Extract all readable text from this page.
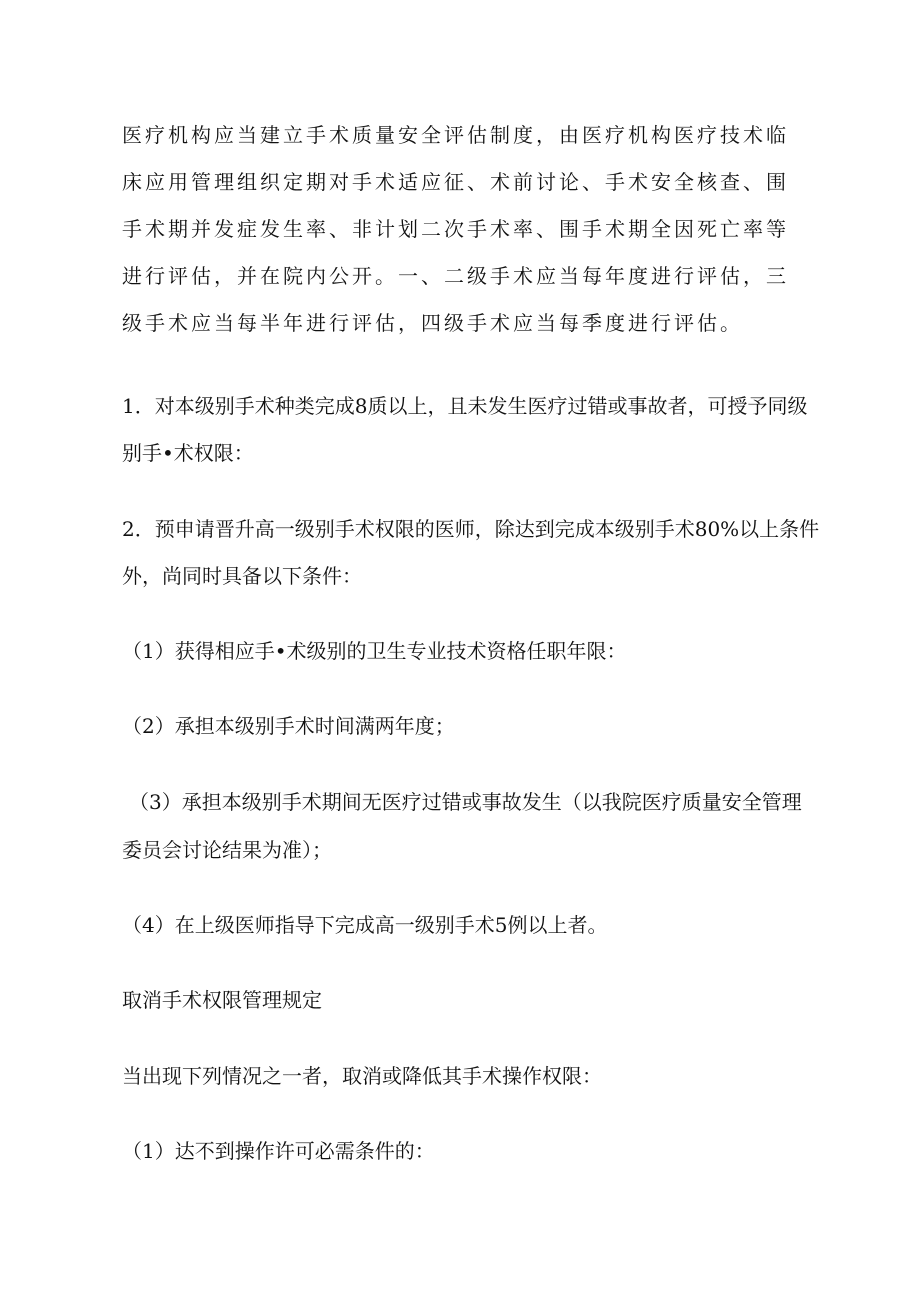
医疗机构应当建立手术质量安全评估制度，由医疗机构医疗技术临
床应用管理组织定期对手术适应征、术前讨论、手术安全核查、围
手术期并发症发生率、非计划二次手术率、围手术期全因死亡率等
进行评估，并在院内公开。一、二级手术应当每年度进行评估，三
级手术应当每半年进行评估，四级手术应当每季度进行评估。
1．对本级别手术种类完成8质以上，且未发生医疗过错或事故者，可授予同级
别手•术权限：
2．预申请晋升高一级别手术权限的医师，除达到完成本级别手术80%以上条件
外，尚同时具备以下条件：
（1）获得相应手•术级别的卫生专业技术资格任职年限：
（2）承担本级别手术时间满两年度；
（3）承担本级别手术期间无医疗过错或事故发生（以我院医疗质量安全管理
委员会讨论结果为准）；
（4）在上级医师指导下完成高一级别手术5例以上者。
取消手术权限管理规定
当出现下列情况之一者，取消或降低其手术操作权限：
（1）达不到操作许可必需条件的：
